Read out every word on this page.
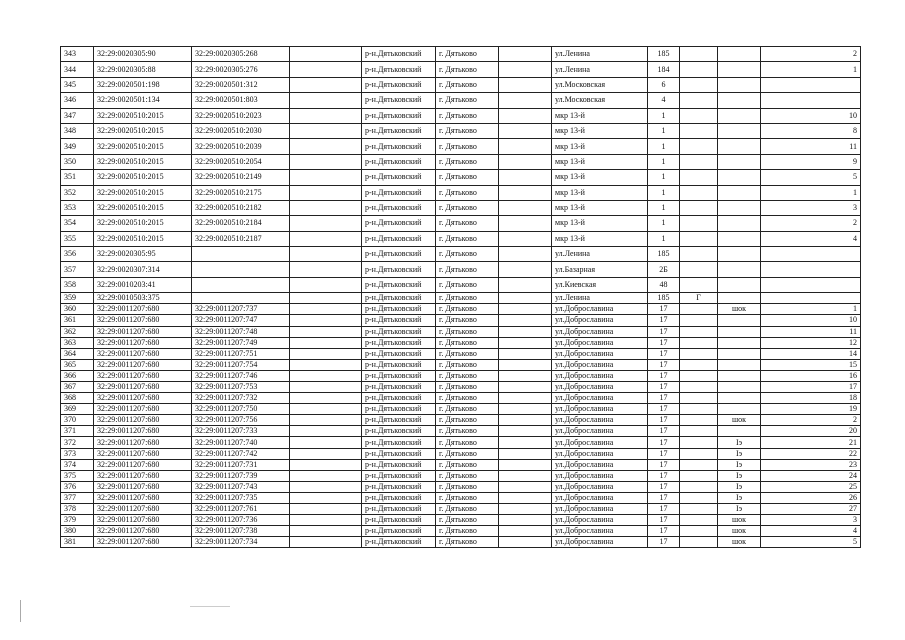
343	32:29:0020305:90	32:29:0020305:268		р-н.Дятьковский	г. Дятьково		ул.Ленина	185			2
344	32:29:0020305:88	32:29:0020305:276		р-н.Дятьковский	г. Дятьково		ул.Ленина	184			1
345	32:29:0020501:198	32:29:0020501:312		р-н.Дятьковский	г. Дятьково		ул.Московская	6			
346	32:29:0020501:134	32:29:0020501:803		р-н.Дятьковский	г. Дятьково		ул.Московская	4			
347	32:29:0020510:2015	32:29:0020510:2023		р-н.Дятьковский	г. Дятьково		мкр 13-й	1			10
348	32:29:0020510:2015	32:29:0020510:2030		р-н.Дятьковский	г. Дятьково		мкр 13-й	1			8
349	32:29:0020510:2015	32:29:0020510:2039		р-н.Дятьковский	г. Дятьково		мкр 13-й	1			11
350	32:29:0020510:2015	32:29:0020510:2054		р-н.Дятьковский	г. Дятьково		мкр 13-й	1			9
351	32:29:0020510:2015	32:29:0020510:2149		р-н.Дятьковский	г. Дятьково		мкр 13-й	1			5
352	32:29:0020510:2015	32:29:0020510:2175		р-н.Дятьковский	г. Дятьково		мкр 13-й	1			1
353	32:29:0020510:2015	32:29:0020510:2182		р-н.Дятьковский	г. Дятьково		мкр 13-й	1			3
354	32:29:0020510:2015	32:29:0020510:2184		р-н.Дятьковский	г. Дятьково		мкр 13-й	1			2
355	32:29:0020510:2015	32:29:0020510:2187		р-н.Дятьковский	г. Дятьково		мкр 13-й	1			4
356	32:29:0020305:95			р-н.Дятьковский	г. Дятьково		ул.Ленина	185			
357	32:29:0020307:314			р-н.Дятьковский	г. Дятьково		ул.Базарная	2Б			
358	32:29:0010203:41			р-н.Дятьковский	г. Дятьково		ул.Киевская	48			
359	32:29:0010503:375			р-н.Дятьковский	г. Дятьково		ул.Ленина	185	Г		
360	32:29:0011207:680	32:29:0011207:737		р-н.Дятьковский	г. Дятьково		ул.Доброславина	17		шок	1
361	32:29:0011207:680	32:29:0011207:747		р-н.Дятьковский	г. Дятьково		ул.Доброславина	17			10
362	32:29:0011207:680	32:29:0011207:748		р-н.Дятьковский	г. Дятьково		ул.Доброславина	17			11
363	32:29:0011207:680	32:29:0011207:749		р-н.Дятьковский	г. Дятьково		ул.Доброславина	17			12
364	32:29:0011207:680	32:29:0011207:751		р-н.Дятьковский	г. Дятьково		ул.Доброславина	17			14
365	32:29:0011207:680	32:29:0011207:754		р-н.Дятьковский	г. Дятьково		ул.Доброславина	17			15
366	32:29:0011207:680	32:29:0011207:746		р-н.Дятьковский	г. Дятьково		ул.Доброславина	17			16
367	32:29:0011207:680	32:29:0011207:753		р-н.Дятьковский	г. Дятьково		ул.Доброславина	17			17
368	32:29:0011207:680	32:29:0011207:732		р-н.Дятьковский	г. Дятьково		ул.Доброславина	17			18
369	32:29:0011207:680	32:29:0011207:750		р-н.Дятьковский	г. Дятьково		ул.Доброславина	17			19
370	32:29:0011207:680	32:29:0011207:756		р-н.Дятьковский	г. Дятьково		ул.Доброславина	17		шок	2
371	32:29:0011207:680	32:29:0011207:733		р-н.Дятьковский	г. Дятьково		ул.Доброславина	17			20
372	32:29:0011207:680	32:29:0011207:740		р-н.Дятьковский	г. Дятьково		ул.Доброславина	17		Iэ	21
373	32:29:0011207:680	32:29:0011207:742		р-н.Дятьковский	г. Дятьково		ул.Доброславина	17		Iэ	22
374	32:29:0011207:680	32:29:0011207:731		р-н.Дятьковский	г. Дятьково		ул.Доброславина	17		Iэ	23
375	32:29:0011207:680	32:29:0011207:739		р-н.Дятьковский	г. Дятьково		ул.Доброславина	17		Iэ	24
376	32:29:0011207:680	32:29:0011207:743		р-н.Дятьковский	г. Дятьково		ул.Доброславина	17		Iэ	25
377	32:29:0011207:680	32:29:0011207:735		р-н.Дятьковский	г. Дятьково		ул.Доброславина	17		Iэ	26
378	32:29:0011207:680	32:29:0011207:761		р-н.Дятьковский	г. Дятьково		ул.Доброславина	17		Iэ	27
379	32:29:0011207:680	32:29:0011207:736		р-н.Дятьковский	г. Дятьково		ул.Доброславина	17		шок	3
380	32:29:0011207:680	32:29:0011207:738		р-н.Дятьковский	г. Дятьково		ул.Доброславина	17		шок	4
381	32:29:0011207:680	32:29:0011207:734		р-н.Дятьковский	г. Дятьково		ул.Доброславина	17		шок	5
